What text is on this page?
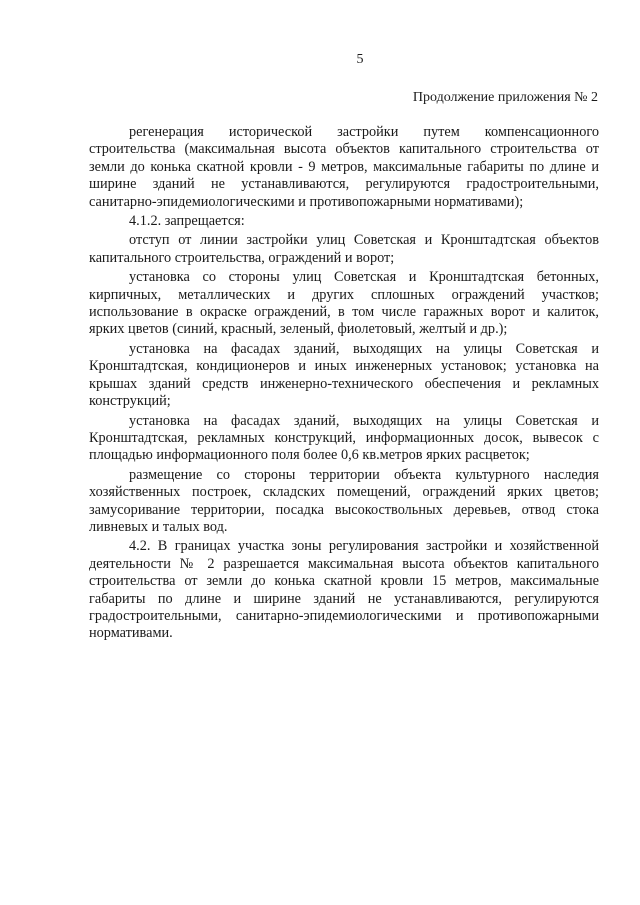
5
Продолжение приложения № 2

регенерация исторической застройки путем компенсационного строительства (максимальная высота объектов капитального строительства от земли до конька скатной кровли - 9 метров, максимальные габариты по длине и ширине зданий не устанавливаются, регулируются градостроительными, санитарно-эпидемиологическими и противопожарными нормативами);

4.1.2. запрещается:

отступ от линии застройки улиц Советская и Кронштадтская объектов капитального строительства, ограждений и ворот;

установка со стороны улиц Советская и Кронштадтская бетонных, кирпичных, металлических и других сплошных ограждений участков; использование в окраске ограждений, в том числе гаражных ворот и калиток, ярких цветов (синий, красный, зеленый, фиолетовый, желтый и др.);

установка на фасадах зданий, выходящих на улицы Советская и Кронштадтская, кондиционеров и иных инженерных установок; установка на крышах зданий средств инженерно-технического обеспечения и рекламных конструкций;

установка на фасадах зданий, выходящих на улицы Советская и Кронштадтская, рекламных конструкций, информационных досок, вывесок с площадью информационного поля более 0,6 кв.метров ярких расцветок;

размещение со стороны территории объекта культурного наследия хозяйственных построек, складских помещений, ограждений ярких цветов; замусоривание территории, посадка высокоствольных деревьев, отвод стока ливневых и талых вод.

4.2. В границах участка зоны регулирования застройки и хозяйственной деятельности № 2 разрешается максимальная высота объектов капитального строительства от земли до конька скатной кровли 15 метров, максимальные габариты по длине и ширине зданий не устанавливаются, регулируются градостроительными, санитарно-эпидемиологическими и противопожарными нормативами.
